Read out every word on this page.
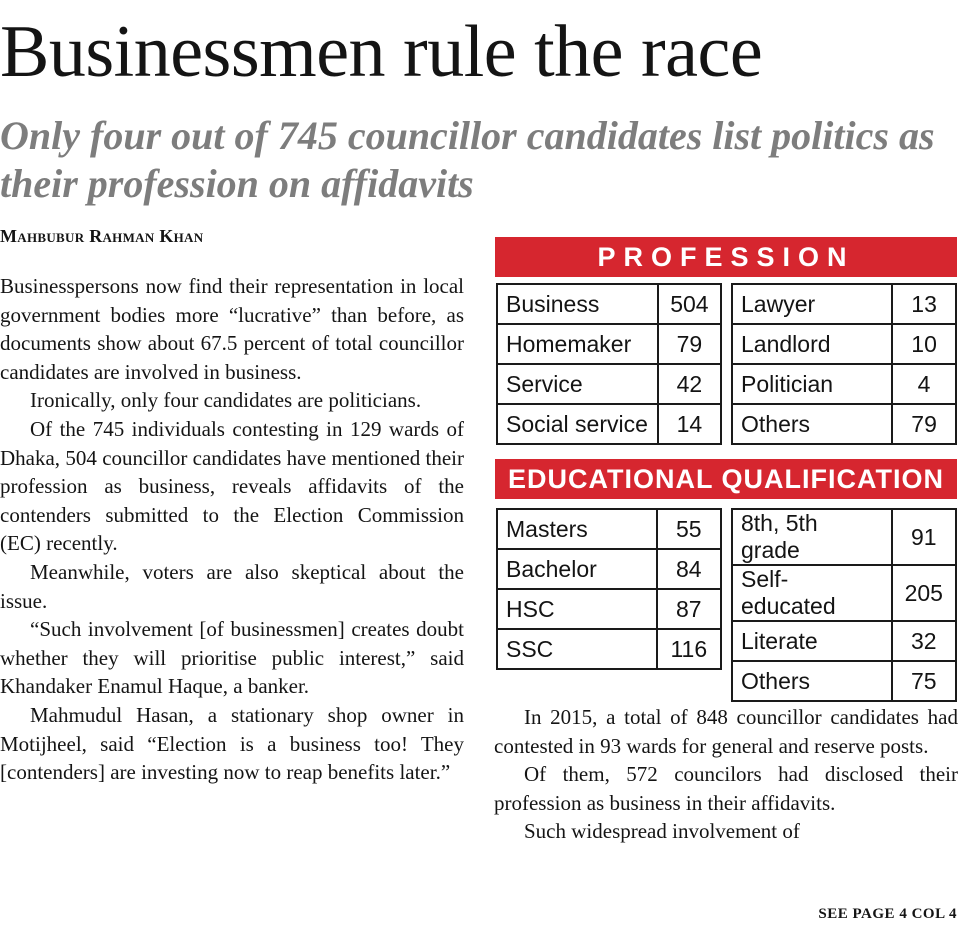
Businessmen rule the race
Only four out of 745 councillor candidates list politics as their profession on affidavits
Mahbubur Rahman Khan

Businesspersons now find their representation in local government bodies more “lucrative” than before, as documents show about 67.5 percent of total councillor candidates are involved in business.

Ironically, only four candidates are politicians.

Of the 745 individuals contesting in 129 wards of Dhaka, 504 councillor candidates have mentioned their profession as business, reveals affidavits of the contenders submitted to the Election Commission (EC) recently.

Meanwhile, voters are also skeptical about the issue.

“Such involvement [of businessmen] creates doubt whether they will prioritise public interest,” said Khandaker Enamul Haque, a banker.

Mahmudul Hasan, a stationary shop owner in Motijheel, said “Election is a business too! They [contenders] are investing now to reap benefits later.”

PROFESSION
Business	504
Homemaker	79
Service	42
Social service	14
Lawyer	13
Landlord	10
Politician	4
Others	79
EDUCATIONAL QUALIFICATION
Masters	55
Bachelor	84
HSC	87
SSC	116
8th, 5th grade	91
Self-educated	205
Literate	32
Others	75

In 2015, a total of 848 councillor candidates had contested in 93 wards for general and reserve posts.

Of them, 572 councilors had disclosed their profession as business in their affidavits.

Such widespread involvement of

SEE PAGE 4 COL 4
